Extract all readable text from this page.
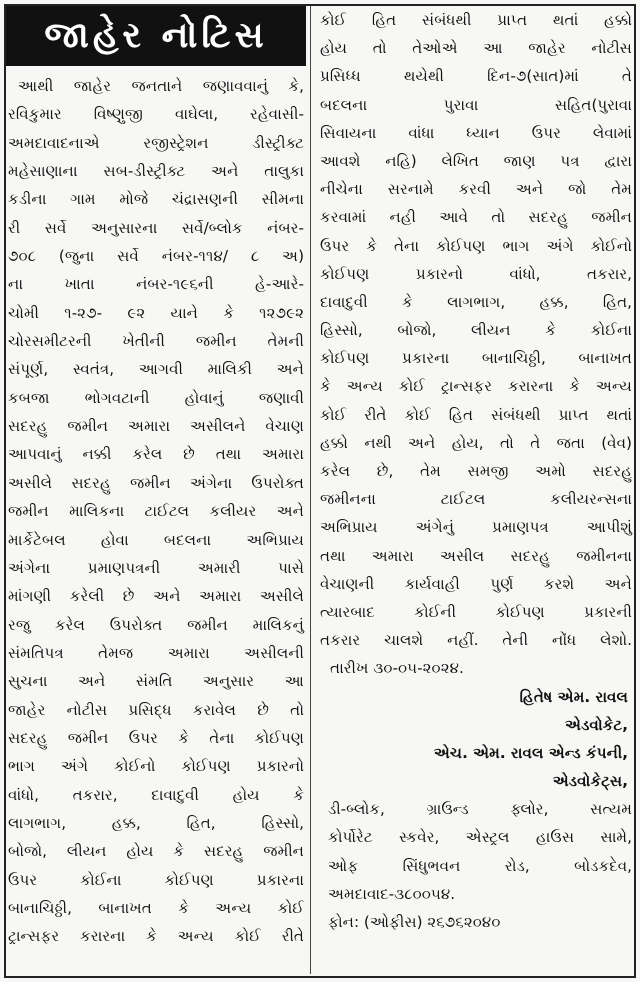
જાહેર નોટિસ
આથી જાહેર જનતાને જણાવવાનું કે,
રવિકુમાર વિષ્ણુજી વાઘેલા, રહેવાસી-
અમદાવાદનાએ રજીસ્ટ્રેશન ડીસ્ટ્રીક્ટ
મહેસાણાના સબ-ડીસ્ટ્રીક્ટ અને તાલુકા
કડીના ગામ મોજે ચંદ્રાસણની સીમના
રી સર્વે અનુસારના સર્વે/બ્લોક નંબર-
૭૦૮ (જુના સર્વે નંબર-૧૧૪/ ૮ અ)
ના ખાતા નંબર-૧૯૬ની હે-આરે-
ચોમી ૧-૨૭- ૯૨ યાને કે ૧૨૭૯૨
ચોરસમીટરની ખેતીની જમીન તેમની
સંપૂર્ણ, સ્વતંત્ર, આગવી માલિકી અને
કબજા ભોગવટાની હોવાનું જણાવી
સદરહુ જમીન અમારા અસીલને વેચાણ
આપવાનું નક્કી કરેલ છે તથા અમારા
અસીલે સદરહુ જમીન અંગેના ઉપરોક્ત
જમીન માલિકના ટાઈટલ કલીયર અને
માર્કેટેબલ હોવા બદલના અભિપ્રાય
અંગેના પ્રમાણપત્રની અમારી પાસે
માંગણી કરેલી છે અને અમારા અસીલે
રજુ કરેલ ઉપરોક્ત જમીન માલિકનું
સંમતિપત્ર તેમજ અમારા અસીલની
સુચના અને સંમતિ અનુસાર આ
જાહેર નોટીસ પ્રસિદ્ધ કરાવેલ છે તો
સદરહુ જમીન ઉપર કે તેના કોઈપણ
ભાગ અંગે કોઈનો કોઈપણ પ્રકારનો
વાંધો, તકરાર, દાવાદુવી હોય કે
લાગભાગ, હક્ક, હિત, હિસ્સો,
બોજો, લીયન હોય કે સદરહુ જમીન
ઉપર કોઈના કોઈપણ પ્રકારના
બાનાચિઠ્ઠી, બાનાખત કે અન્ય કોઈ
ટ્રાન્સફર કરારના કે અન્ય કોઈ રીતે
કોઈ હિત સંબંધથી પ્રાપ્ત થતાં હક્કો
હોય તો તેઓએ આ જાહેર નોટીસ
પ્રસિધ્ધ થયેથી દિન-૭(સાત)માં તે
બદલના પુરાવા સહિત(પુરાવા
સિવાયના વાંધા ધ્યાન ઉપર લેવામાં
આવશે નહિ) લેખિત જાણ પત્ર દ્વારા
નીચેના સરનામે કરવી અને જો તેમ
કરવામાં નહી આવે તો સદરહુ જમીન
ઉપર કે તેના કોઈપણ ભાગ અંગે કોઈનો
કોઈપણ પ્રકારનો વાંધો, તકરાર,
દાવાદુવી કે લાગભાગ, હક્ક, હિત,
હિસ્સો, બોજો, લીયન કે કોઈના
કોઈપણ પ્રકારના બાનાચિઠ્ઠી, બાનાખત
કે અન્ય કોઈ ટ્રાન્સફર કરારના કે અન્ય
કોઈ રીતે કોઈ હિત સંબંધથી પ્રાપ્ત થતાં
હક્કો નથી અને હોય, તો તે જતા (વેવ)
કરેલ છે, તેમ સમજી અમો સદરહુ
જમીનના ટાઈટલ કલીયરન્સના
અભિપ્રાય અંગેનું પ્રમાણપત્ર આપીશું
તથા અમારા અસીલ સદરહુ જમીનના
વેચાણની કાર્યવાહી પુર્ણ કરશે અને
ત્યારબાદ કોઈની કોઈપણ પ્રકારની
તકરાર ચાલશે નહીં. તેની નોંધ લેશો.
તારીખ ૩૦-૦૫-૨૦૨૪.
હિતેષ એમ. રાવલ
એડવોકેટ,
એચ. એમ. રાવલ એન્ડ કંપની,
એડવોકેટ્સ,
ડી-બ્લોક, ગ્રાઉન્ડ ફ્લોર, સત્યમ
કોર્પોરેટ સ્કવેર, એસ્ટ્રલ હાઉસ સામે,
ઓફ સિંધુભવન રોડ, બોડકદેવ,
અમદાવાદ-૩૮૦૦૫૪.
ફોન: (ઓફીસ) ૨૬૭૬૨૦૪૦
